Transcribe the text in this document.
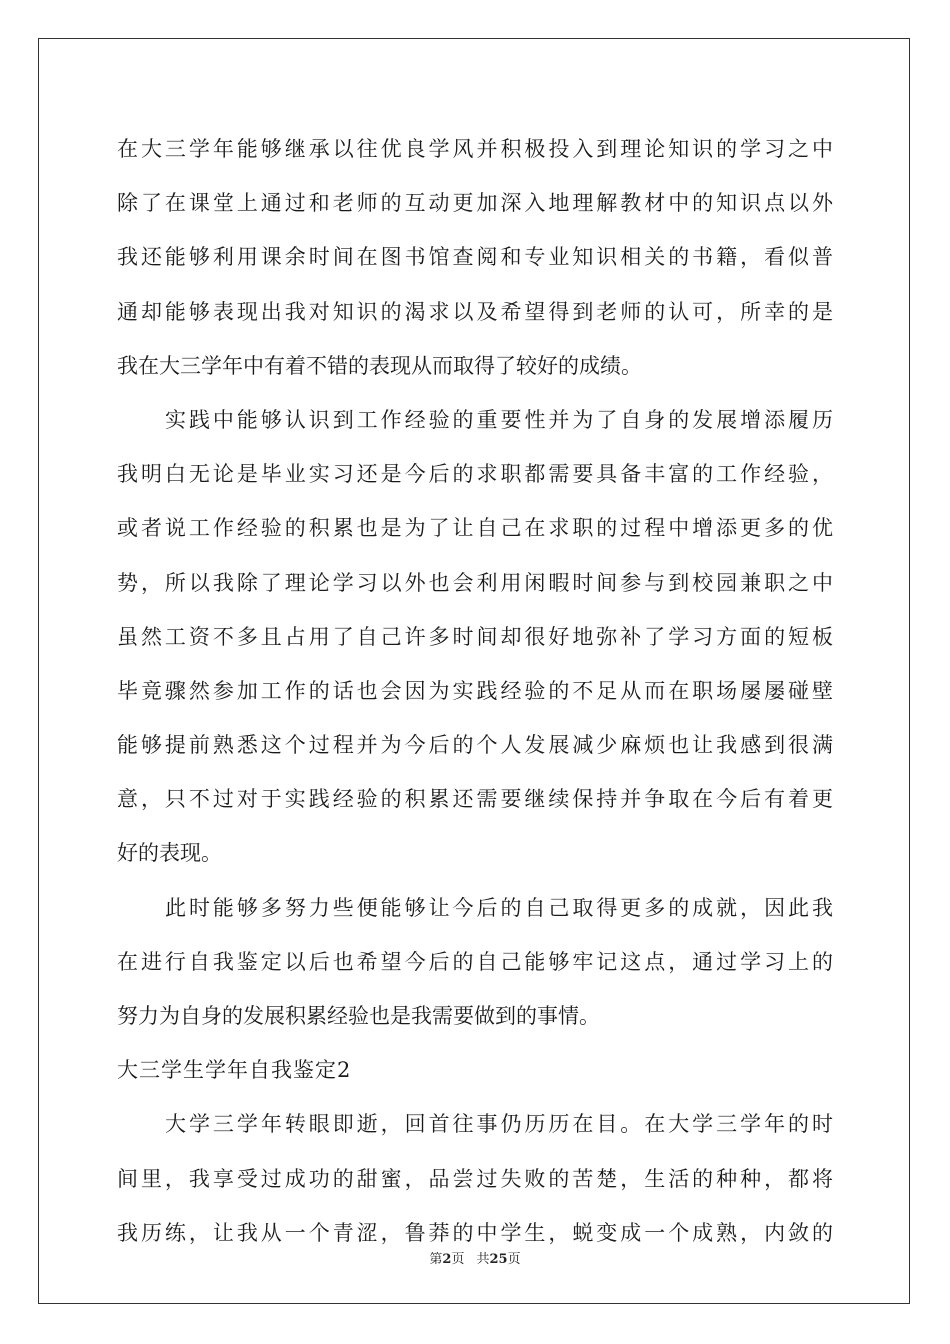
在大三学年能够继承以往优良学风并积极投入到理论知识的学习之中
除了在课堂上通过和老师的互动更加深入地理解教材中的知识点以外
我还能够利用课余时间在图书馆查阅和专业知识相关的书籍，看似普
通却能够表现出我对知识的渴求以及希望得到老师的认可，所幸的是
我在大三学年中有着不错的表现从而取得了较好的成绩。
实践中能够认识到工作经验的重要性并为了自身的发展增添履历
我明白无论是毕业实习还是今后的求职都需要具备丰富的工作经验，
或者说工作经验的积累也是为了让自己在求职的过程中增添更多的优
势，所以我除了理论学习以外也会利用闲暇时间参与到校园兼职之中
虽然工资不多且占用了自己许多时间却很好地弥补了学习方面的短板
毕竟骤然参加工作的话也会因为实践经验的不足从而在职场屡屡碰壁
能够提前熟悉这个过程并为今后的个人发展减少麻烦也让我感到很满
意，只不过对于实践经验的积累还需要继续保持并争取在今后有着更
好的表现。
此时能够多努力些便能够让今后的自己取得更多的成就，因此我
在进行自我鉴定以后也希望今后的自己能够牢记这点，通过学习上的
努力为自身的发展积累经验也是我需要做到的事情。
大三学生学年自我鉴定2
大学三学年转眼即逝，回首往事仍历历在目。在大学三学年的时
间里，我享受过成功的甜蜜，品尝过失败的苦楚，生活的种种，都将
我历练，让我从一个青涩，鲁莽的中学生，蜕变成一个成熟，内敛的
第2页 共25页
